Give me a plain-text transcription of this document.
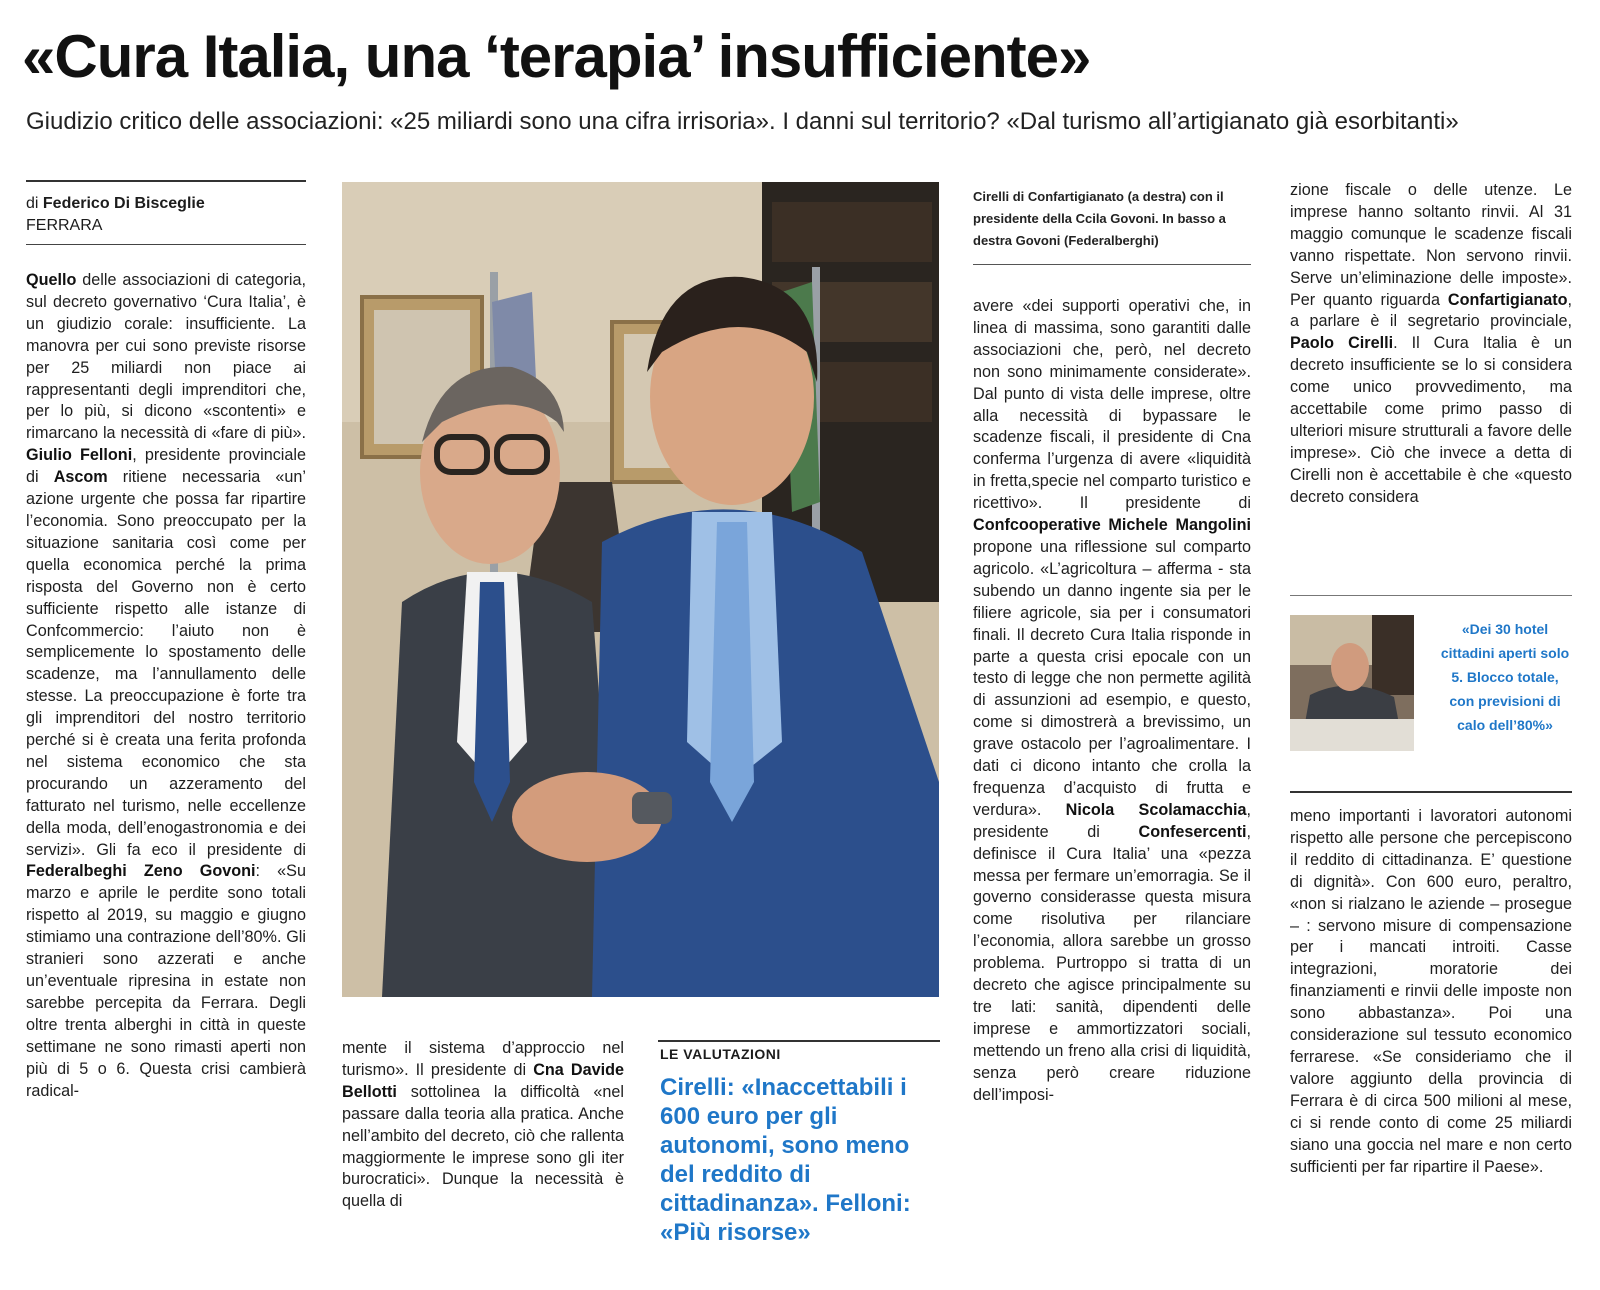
«Cura Italia, una ‘terapia’ insufficiente»
Giudizio critico delle associazioni: «25 miliardi sono una cifra irrisoria». I danni sul territorio? «Dal turismo all’artigianato già esorbitanti»
di Federico Di Bisceglie
FERRARA
Quello delle associazioni di categoria, sul decreto governativo ‘Cura Italia’, è un giudizio corale: insufficiente. La manovra per cui sono previste risorse per 25 miliardi non piace ai rappresentanti degli imprenditori che, per lo più, si dicono «scontenti» e rimarcano la necessità di «fare di più». Giulio Felloni, presidente provinciale di Ascom ritiene necessaria «un’ azione urgente che possa far ripartire l’economia. Sono preoccupato per la situazione sanitaria così come per quella economica perché la prima risposta del Governo non è certo sufficiente rispetto alle istanze di Confcommercio: l’aiuto non è semplicemente lo spostamento delle scadenze, ma l’annullamento delle stesse. La preoccupazione è forte tra gli imprenditori del nostro territorio perché si è creata una ferita profonda nel sistema economico che sta procurando un azzeramento del fatturato nel turismo, nelle eccellenze della moda, dell’enogastronomia e dei servizi». Gli fa eco il presidente di Federalbeghi Zeno Govoni: «Su marzo e aprile le perdite sono totali rispetto al 2019, su maggio e giugno stimiamo una contrazione dell’80%. Gli stranieri sono azzerati e anche un’eventuale ripresina in estate non sarebbe percepita da Ferrara. Degli oltre trenta alberghi in città in queste settimane ne sono rimasti aperti non più di 5 o 6. Questa crisi cambierà radical-
mente il sistema d’approccio nel turismo». Il presidente di Cna Davide Bellotti sottolinea la difficoltà «nel passare dalla teoria alla pratica. Anche nell’ambito del decreto, ciò che rallenta maggiormente le imprese sono gli iter burocratici». Dunque la necessità è quella di
LE VALUTAZIONI
Cirelli: «Inaccettabili i 600 euro per gli autonomi, sono meno del reddito di cittadinanza». Felloni: «Più risorse»
Cirelli di Confartigianato (a destra) con il presidente della Ccila Govoni. In basso a destra Govoni (Federalberghi)
avere «dei supporti operativi che, in linea di massima, sono garantiti dalle associazioni che, però, nel decreto non sono minimamente considerate». Dal punto di vista delle imprese, oltre alla necessità di bypassare le scadenze fiscali, il presidente di Cna conferma l’urgenza di avere «liquidità in fretta,specie nel comparto turistico e ricettivo». Il presidente di Confcooperative Michele Mangolini propone una riflessione sul comparto agricolo. «L’agricoltura – afferma - sta subendo un danno ingente sia per le filiere agricole, sia per i consumatori finali. Il decreto Cura Italia risponde in parte a questa crisi epocale con un testo di legge che non permette agilità di assunzioni ad esempio, e questo, come si dimostrerà a brevissimo, un grave ostacolo per l’agroalimentare. I dati ci dicono intanto che crolla la frequenza d’acquisto di frutta e verdura». Nicola Scolamacchia, presidente di Confesercenti, definisce il Cura Italia’ una «pezza messa per fermare un’emorragia. Se il governo considerasse questa misura come risolutiva per rilanciare l’economia, allora sarebbe un grosso problema. Purtroppo si tratta di un decreto che agisce principalmente su tre lati: sanità, dipendenti delle imprese e ammortizzatori sociali, mettendo un freno alla crisi di liquidità, senza però creare riduzione dell’imposi-
zione fiscale o delle utenze. Le imprese hanno soltanto rinvii. Al 31 maggio comunque le scadenze fiscali vanno rispettate. Non servono rinvii. Serve un’eliminazione delle imposte». Per quanto riguarda Confartigianato, a parlare è il segretario provinciale, Paolo Cirelli. Il Cura Italia è un decreto insufficiente se lo si considera come unico provvedimento, ma accettabile come primo passo di ulteriori misure strutturali a favore delle imprese». Ciò che invece a detta di Cirelli non è accettabile è che «questo decreto considera
«Dei 30 hotel cittadini aperti solo 5. Blocco totale, con previsioni di calo dell’80%»
meno importanti i lavoratori autonomi rispetto alle persone che percepiscono il reddito di cittadinanza. E’ questione di dignità». Con 600 euro, peraltro, «non si rialzano le aziende – prosegue – : servono misure di compensazione per i mancati introiti. Casse integrazioni, moratorie dei finanziamenti e rinvii delle imposte non sono abbastanza». Poi una considerazione sul tessuto economico ferrarese. «Se consideriamo che il valore aggiunto della provincia di Ferrara è di circa 500 milioni al mese, ci si rende conto di come 25 miliardi siano una goccia nel mare e non certo sufficienti per far ripartire il Paese».
